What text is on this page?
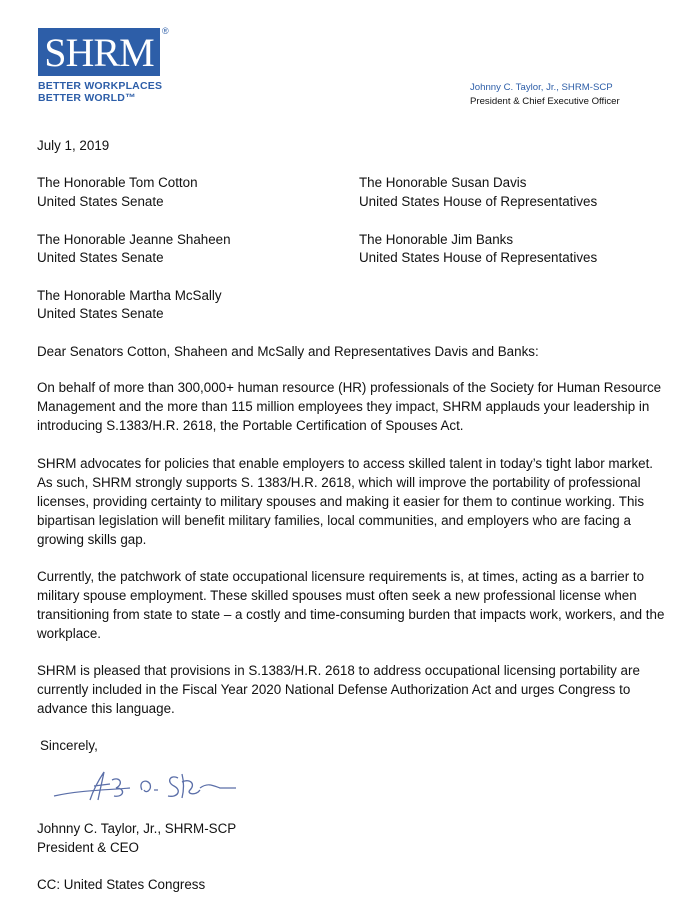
SHRM ®
BETTER WORKPLACES
BETTER WORLD™
Johnny C. Taylor, Jr., SHRM-SCP
President & Chief Executive Officer
July 1, 2019
The Honorable Tom Cotton
United States Senate
The Honorable Susan Davis
United States House of Representatives
The Honorable Jeanne Shaheen
United States Senate
The Honorable Jim Banks
United States House of Representatives
The Honorable Martha McSally
United States Senate
Dear Senators Cotton, Shaheen and McSally and Representatives Davis and Banks:
On behalf of more than 300,000+ human resource (HR) professionals of the Society for Human Resource Management and the more than 115 million employees they impact, SHRM applauds your leadership in introducing S.1383/H.R. 2618, the Portable Certification of Spouses Act.
SHRM advocates for policies that enable employers to access skilled talent in today’s tight labor market. As such, SHRM strongly supports S. 1383/H.R. 2618, which will improve the portability of professional licenses, providing certainty to military spouses and making it easier for them to continue working. This bipartisan legislation will benefit military families, local communities, and employers who are facing a growing skills gap.
Currently, the patchwork of state occupational licensure requirements is, at times, acting as a barrier to military spouse employment. These skilled spouses must often seek a new professional license when transitioning from state to state – a costly and time-consuming burden that impacts work, workers, and the workplace.
SHRM is pleased that provisions in S.1383/H.R. 2618 to address occupational licensing portability are currently included in the Fiscal Year 2020 National Defense Authorization Act and urges Congress to advance this language.
Sincerely,
Johnny C. Taylor, Jr., SHRM-SCP
President & CEO
CC: United States Congress
